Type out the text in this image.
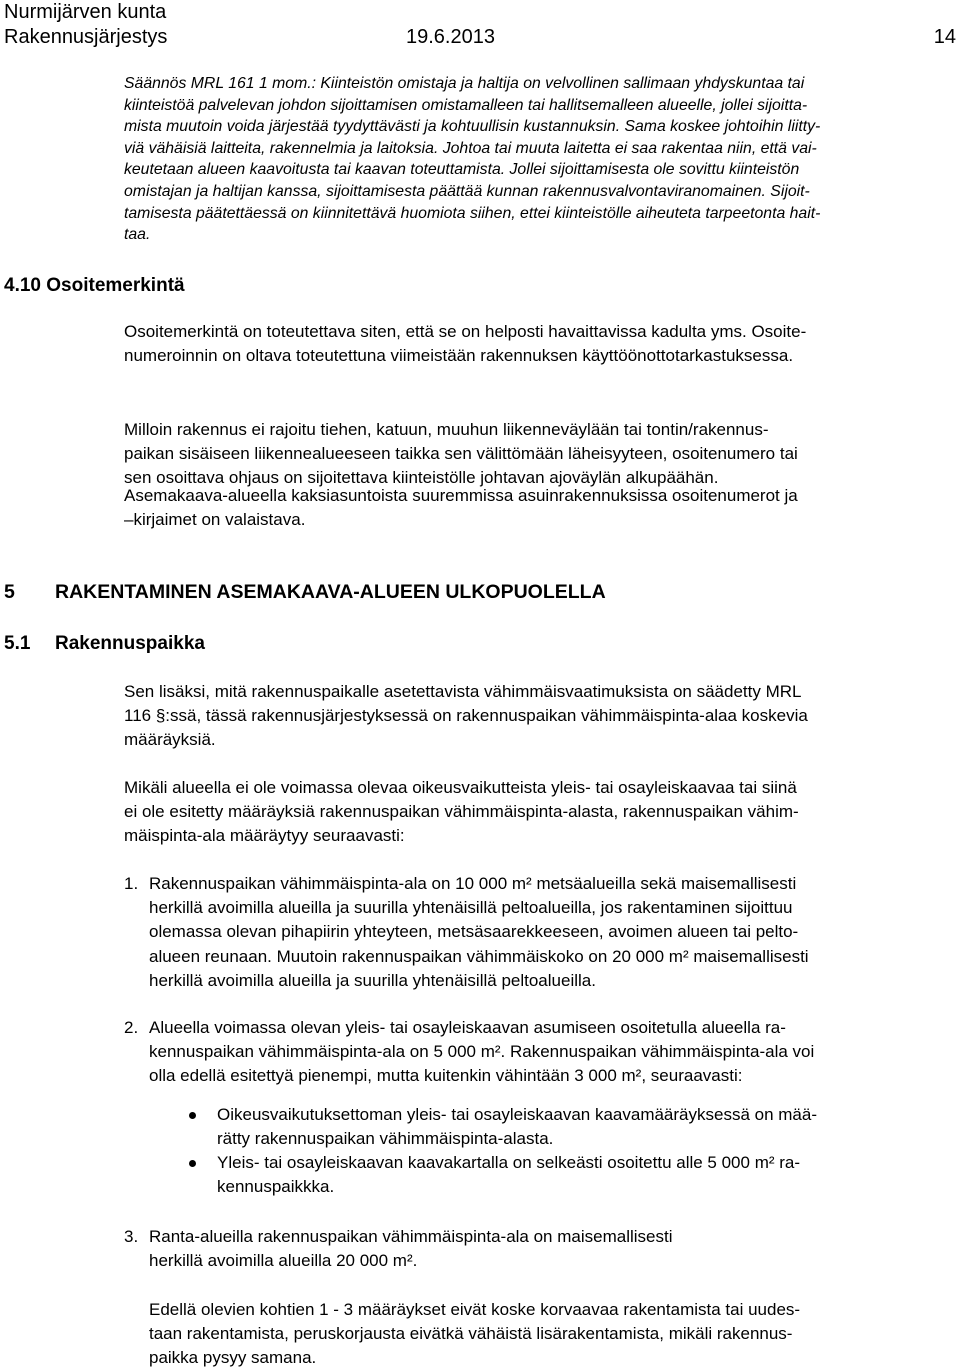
Nurmijärven kunta
Rakennusjärjestys	19.6.2013	14
Säännös MRL 161 1 mom.: Kiinteistön omistaja ja haltija on velvollinen sallimaan yhdyskuntaa tai
kiinteistöä palvelevan johdon sijoittamisen omistamalleen tai hallitsemalleen alueelle, jollei sijoitta-
mista muutoin voida järjestää tyydyttävästi ja kohtuullisin kustannuksin. Sama koskee johtoihin liitty-
viä vähäisiä laitteita, rakennelmia ja laitoksia. Johtoa tai muuta laitetta ei saa rakentaa niin, että vai-
keutetaan alueen kaavoitusta tai kaavan toteuttamista. Jollei sijoittamisesta ole sovittu kiinteistön
omistajan ja haltijan kanssa, sijoittamisesta päättää kunnan rakennusvalvontaviranomainen. Sijoit-
tamisesta päätettäessä on kiinnitettävä huomiota siihen, ettei kiinteistölle aiheuteta tarpeetonta hait-
taa.
4.10 Osoitemerkintä

Osoitemerkintä on toteutettava siten, että se on helposti havaittavissa kadulta yms. Osoite-

numeroinnin on oltava toteutettuna viimeistään rakennuksen käyttöönottotarkastuksessa.

Milloin rakennus ei rajoitu tiehen, katuun, muuhun liikenneväylään tai tontin/rakennus-

paikan sisäiseen liikennealueeseen taikka sen välittömään läheisyyteen, osoitenumero tai

sen osoittava ohjaus on sijoitettava kiinteistölle johtavan ajoväylän alkupäähän.

Asemakaava-alueella kaksiasuntoista suuremmissa asuinrakennuksissa osoitenumerot ja

–kirjaimet on valaistava.

5 RAKENTAMINEN ASEMAKAAVA-ALUEEN ULKOPUOLELLA
5.1 Rakennuspaikka

Sen lisäksi, mitä rakennuspaikalle asetettavista vähimmäisvaatimuksista on säädetty MRL

116 §:ssä, tässä rakennusjärjestyksessä on rakennuspaikan vähimmäispinta-alaa koskevia

määräyksiä.

Mikäli alueella ei ole voimassa olevaa oikeusvaikutteista yleis- tai osayleiskaavaa tai siinä

ei ole esitetty määräyksiä rakennuspaikan vähimmäispinta-alasta, rakennuspaikan vähim-

mäispinta-ala määräytyy seuraavasti:

1. Rakennuspaikan vähimmäispinta-ala on 10 000 m² metsäalueilla sekä maisemallisesti
herkillä avoimilla alueilla ja suurilla yhtenäisillä peltoalueilla, jos rakentaminen sijoittuu
olemassa olevan pihapiirin yhteyteen, metsäsaarekkeeseen, avoimen alueen tai pelto-
alueen reunaan. Muutoin rakennuspaikan vähimmäiskoko on 20 000 m² maisemallisesti
herkillä avoimilla alueilla ja suurilla yhtenäisillä peltoalueilla.
2. Alueella voimassa olevan yleis- tai osayleiskaavan asumiseen osoitetulla alueella ra-
kennuspaikan vähimmäispinta-ala on 5 000 m². Rakennuspaikan vähimmäispinta-ala voi
olla edellä esitettyä pienempi, mutta kuitenkin vähintään 3 000 m², seuraavasti:
Oikeusvaikutuksettoman yleis- tai osayleiskaavan kaavamääräyksessä on mää-
rätty rakennuspaikan vähimmäispinta-alasta.
Yleis- tai osayleiskaavan kaavakartalla on selkeästi osoitettu alle 5 000 m² ra-
kennuspaikkka.
3. Ranta-alueilla rakennuspaikan vähimmäispinta-ala on maisemallisesti
herkillä avoimilla alueilla 20 000 m².

Edellä olevien kohtien 1 - 3 määräykset eivät koske korvaavaa rakentamista tai uudes-

taan rakentamista, peruskorjausta eivätkä vähäistä lisärakentamista, mikäli rakennus-

paikka pysyy samana.
